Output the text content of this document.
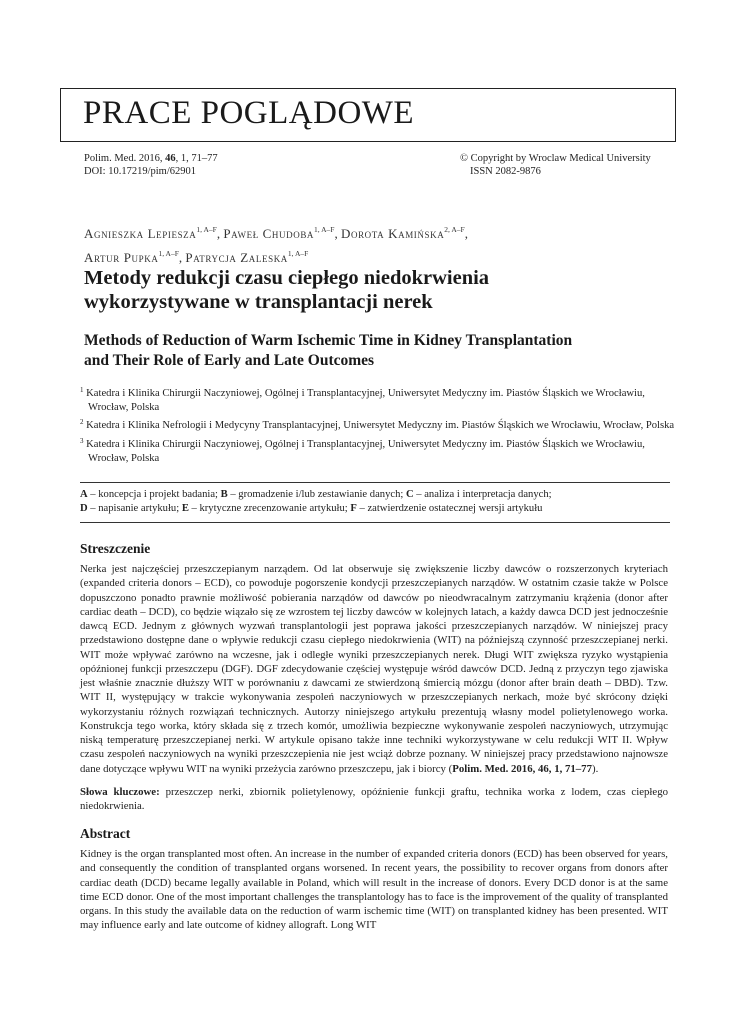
PRACE POGLĄDOWE
Polim. Med. 2016, 46, 1, 71–77
DOI: 10.17219/pim/62901
© Copyright by Wroclaw Medical University
ISSN 2082-9876
Agnieszka Lepiesza$^{1, A-F}$, Paweł Chudoba$^{1, A-F}$, Dorota Kamińska$^{2, A-F}$,
Artur Pupka$^{1, A-F}$, Patrycja Zaleska$^{1, A-F}$
Metody redukcji czasu ciepłego niedokrwienia
wykorzystywane w transplantacji nerek
Methods of Reduction of Warm Ischemic Time in Kidney Transplantation
and Their Role of Early and Late Outcomes

$^1$ Katedra i Klinika Chirurgii Naczyniowej, Ogólnej i Transplantacyjnej, Uniwersytet Medyczny im. Piastów Śląskich we Wrocławiu, Wrocław, Polska

$^2$ Katedra i Klinika Nefrologii i Medycyny Transplantacyjnej, Uniwersytet Medyczny im. Piastów Śląskich we Wrocławiu, Wrocław, Polska

$^3$ Katedra i Klinika Chirurgii Naczyniowej, Ogólnej i Transplantacyjnej, Uniwersytet Medyczny im. Piastów Śląskich we Wrocławiu, Wrocław, Polska

A – koncepcja i projekt badania; B – gromadzenie i/lub zestawianie danych; C – analiza i interpretacja danych;
D – napisanie artykułu; E – krytyczne zrecenzowanie artykułu; F – zatwierdzenie ostatecznej wersji artykułu
Streszczenie
Nerka jest najczęściej przeszczepianym narządem. Od lat obserwuje się zwiększenie liczby dawców o rozszerzonych kryteriach (expanded criteria donors – ECD), co powoduje pogorszenie kondycji przeszczepianych narządów. W ostatnim czasie także w Polsce dopuszczono ponadto prawnie możliwość pobierania narządów od dawców po nieodwracalnym zatrzymaniu krążenia (donor after cardiac death – DCD), co będzie wiązało się ze wzrostem tej liczby dawców w kolejnych latach, a każdy dawca DCD jest jednocześnie dawcą ECD. Jednym z głównych wyzwań transplantologii jest poprawa jakości przeszczepianych narządów. W niniejszej pracy przedstawiono dostępne dane o wpływie redukcji czasu ciepłego niedokrwienia (WIT) na późniejszą czynność przeszczepianej nerki. WIT może wpływać zarówno na wczesne, jak i odległe wyniki przeszczepianych nerek. Długi WIT zwiększa ryzyko wystąpienia opóźnionej funkcji przeszczepu (DGF). DGF zdecydowanie częściej występuje wśród dawców DCD. Jedną z przyczyn tego zjawiska jest właśnie znacznie dłuższy WIT w porównaniu z dawcami ze stwierdzoną śmiercią mózgu (donor after brain death – DBD). Tzw. WIT II, występujący w trakcie wykonywania zespoleń naczyniowych w przeszczepianych nerkach, może być skrócony dzięki wykorzystaniu różnych rozwiązań technicznych. Autorzy niniejszego artykułu prezentują własny model polietylenowego worka. Konstrukcja tego worka, który składa się z trzech komór, umożliwia bezpieczne wykonywanie zespoleń naczyniowych, utrzymując niską temperaturę przeszczepianej nerki. W artykule opisano także inne techniki wykorzystywane w celu redukcji WIT II. Wpływ czasu zespoleń naczyniowych na wyniki przeszczepienia nie jest wciąż dobrze poznany. W niniejszej pracy przedstawiono najnowsze dane dotyczące wpływu WIT na wyniki przeżycia zarówno przeszczepu, jak i biorcy (Polim. Med. 2016, 46, 1, 71–77).
Słowa kluczowe: przeszczep nerki, zbiornik polietylenowy, opóźnienie funkcji graftu, technika worka z lodem, czas ciepłego niedokrwienia.
Abstract
Kidney is the organ transplanted most often. An increase in the number of expanded criteria donors (ECD) has been observed for years, and consequently the condition of transplanted organs worsened. In recent years, the possibility to recover organs from donors after cardiac death (DCD) became legally available in Poland, which will result in the increase of donors. Every DCD donor is at the same time ECD donor. One of the most important challenges the transplantology has to face is the improvement of the quality of transplanted organs. In this study the available data on the reduction of warm ischemic time (WIT) on transplanted kidney has been presented. WIT may influence early and late outcome of kidney allograft. Long WIT
